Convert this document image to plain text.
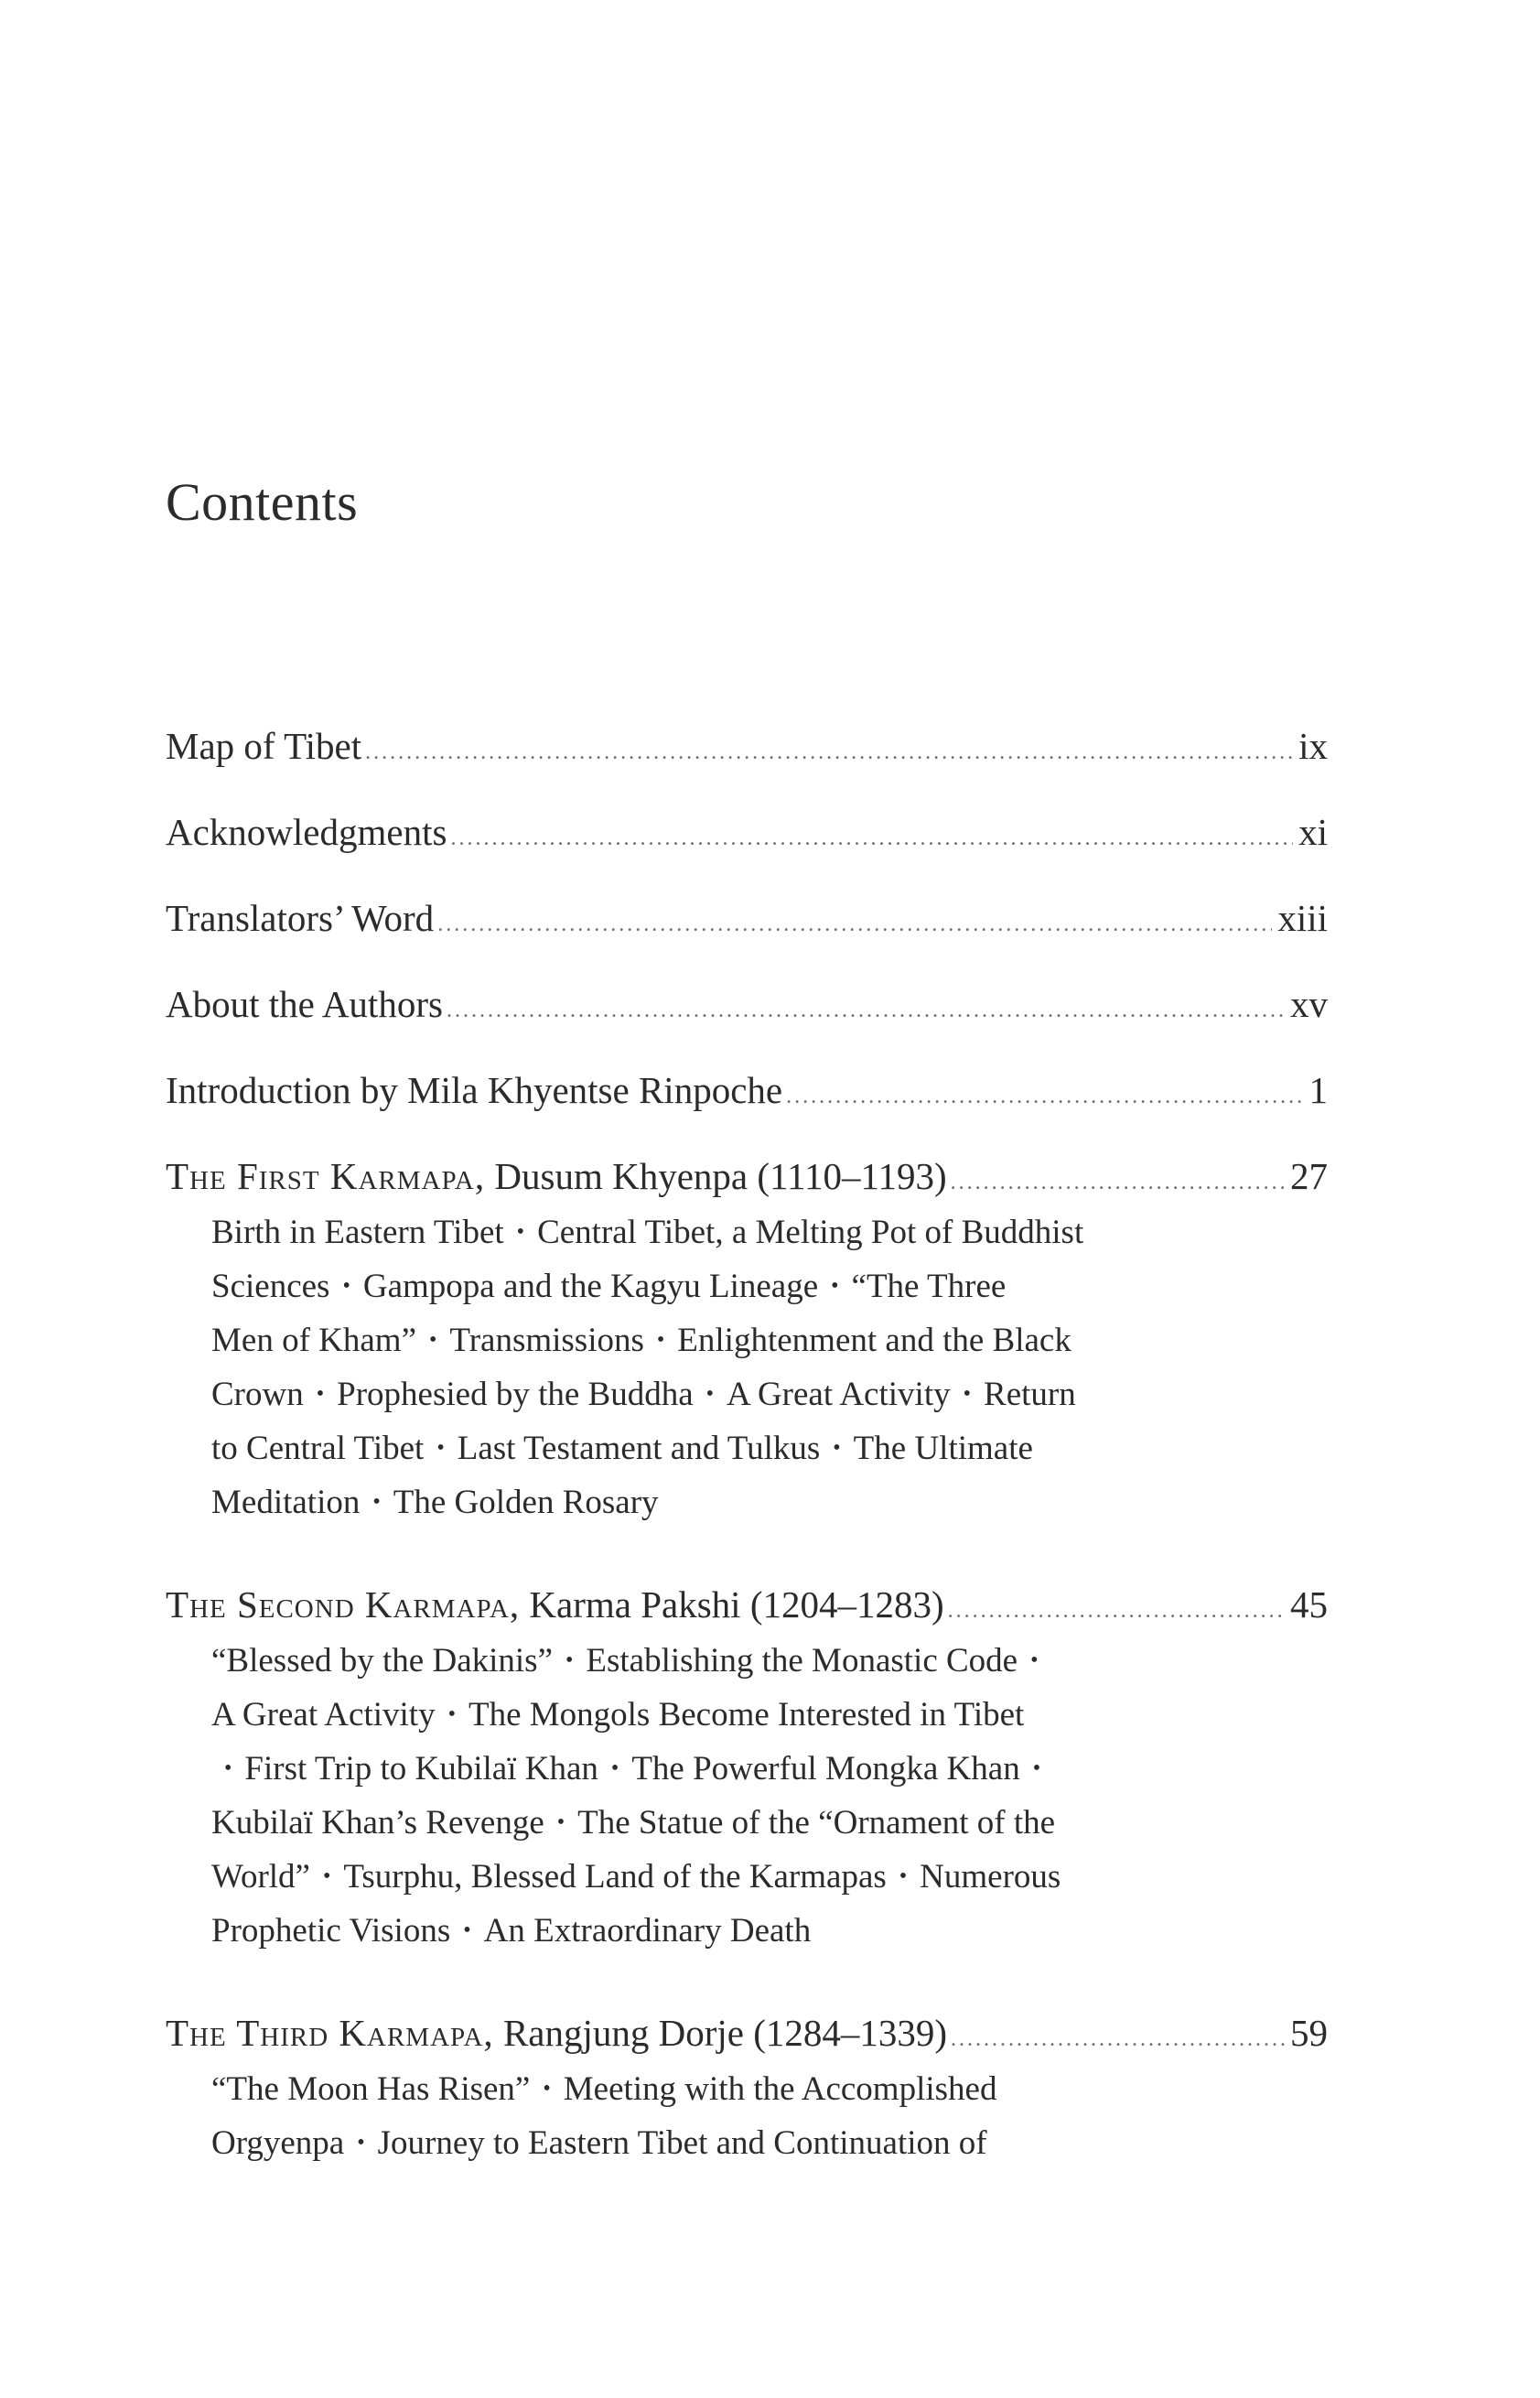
Contents
Map of Tibet .....	ix
Acknowledgments .....	xi
Translators’ Word .....	xiii
About the Authors .....	xv
Introduction by Mila Khyentse Rinpoche .....	1
The First Karmapa, Dusum Khyenpa (1110–1193) .....	27
Birth in Eastern Tibet • Central Tibet, a Melting Pot of Buddhist
Sciences • Gampopa and the Kagyu Lineage • “The Three
Men of Kham” • Transmissions • Enlightenment and the Black
Crown • Prophesied by the Buddha • A Great Activity • Return
to Central Tibet • Last Testament and Tulkus • The Ultimate
Meditation • The Golden Rosary
The Second Karmapa, Karma Pakshi (1204–1283) .....	45
“Blessed by the Dakinis” • Establishing the Monastic Code •
A Great Activity • The Mongols Become Interested in Tibet
• First Trip to Kubilaï Khan • The Powerful Mongka Khan •
Kubilaï Khan’s Revenge • The Statue of the “Ornament of the
World” • Tsurphu, Blessed Land of the Karmapas • Numerous
Prophetic Visions • An Extraordinary Death
The Third Karmapa, Rangjung Dorje (1284–1339) .....	59
“The Moon Has Risen” • Meeting with the Accomplished
Orgyenpa • Journey to Eastern Tibet and Continuation of
